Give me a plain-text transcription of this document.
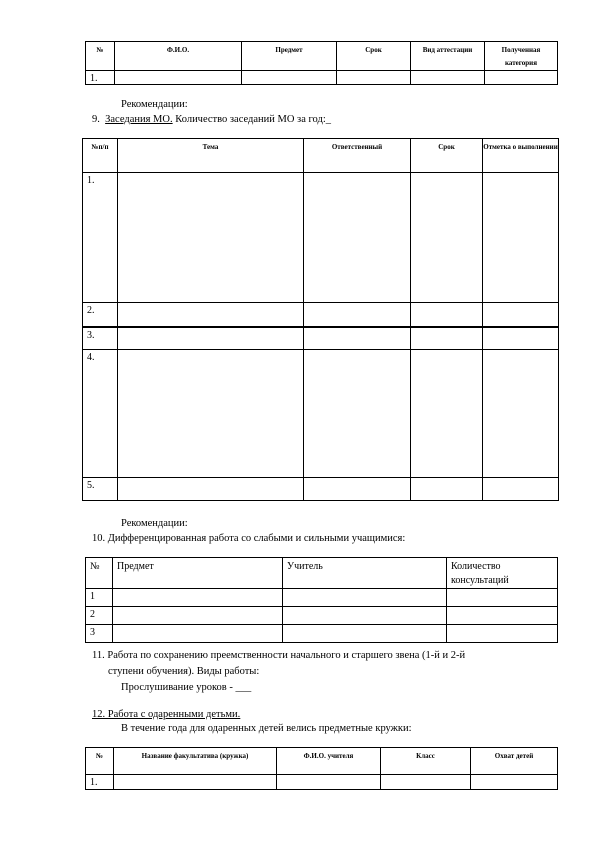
№	Ф.И.О.	Предмет	Срок	Вид аттестации	Полученная категория
1.					
Рекомендации:
9. Заседания МО. Количество заседаний МО за год:_
№п/п	Тема	Ответственный	Срок	Отметка о выполнении
1.				
2.				
3.				
4.				
5.				
Рекомендации:
10. Дифференцированная работа со слабыми и сильными учащимися:
№	Предмет	Учитель	Количество консультаций
1			
2			
3			
11. Работа по сохранению преемственности начального и старшего звена (1-й и 2-й
ступени обучения). Виды работы:
Прослушивание уроков - ___
12. Работа с одаренными детьми.
В течение года для одаренных детей велись предметные кружки:
№	Название факультатива (кружка)	Ф.И.О. учителя	Класс	Охват детей
1.				
